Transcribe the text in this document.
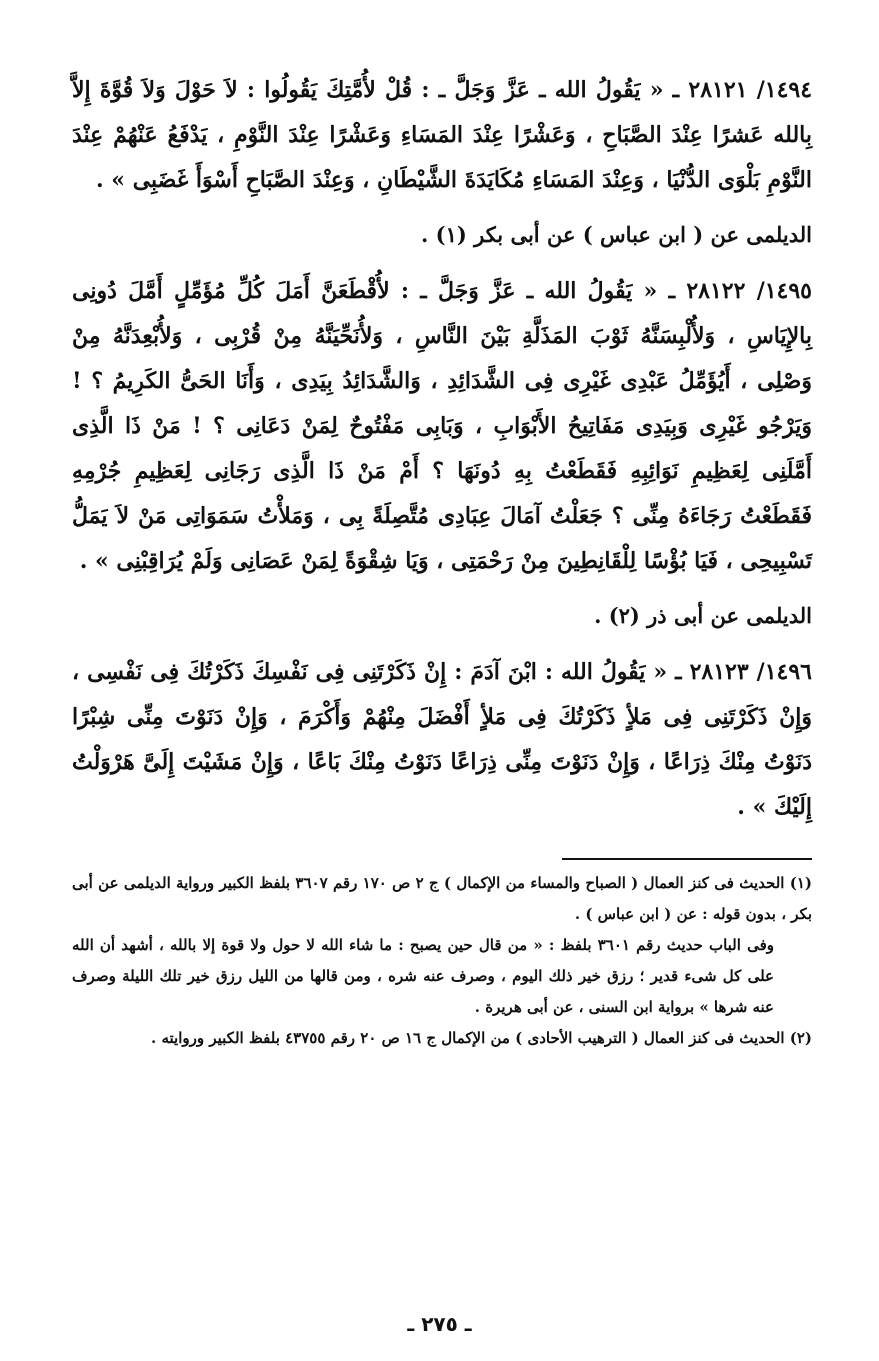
١٤٩٤/ ٢٨١٢١ ـ « يَقُولُ الله ـ عَزَّ وَجَلَّ ـ : قُلْ لأُمَّتِكَ يَقُولُوا : لاَ حَوْلَ وَلاَ قُوَّةَ إِلاَّ بِالله عَشرًا عِنْدَ الصَّبَاحِ ، وَعَشْرًا عِنْدَ المَسَاءِ وَعَشْرًا عِنْدَ النَّوْمِ ، يَدْفَعُ عَنْهُمْ عِنْدَ النَّوْمِ بَلْوَى الدُّنْيَا ، وَعِنْدَ المَسَاءِ مُكَايَدَةَ الشَّيْطَانِ ، وَعِنْدَ الصَّبَاحِ أَسْوَأَ غَضَبِى » .

الديلمى عن ( ابن عباس ) عن أبى بكر (١) .

١٤٩٥/ ٢٨١٢٢ ـ « يَقُولُ الله ـ عَزَّ وَجَلَّ ـ : لأُقْطَعَنَّ أَمَلَ كُلِّ مُؤَمِّلٍ أَمَّلَ دُونِى بِالإِيَاسِ ، وَلأُلْبِسَنَّهُ ثَوْبَ المَذَلَّةِ بَيْنَ النَّاسِ ، وَلأُنَحِّيَنَّهُ مِنْ قُرْبِى ، وَلأُبْعِدَنَّهُ مِنْ وَصْلِى ، أَيُؤَمِّلُ عَبْدِى غَيْرِى فِى الشَّدَائِدِ ، وَالشَّدَائِدُ بِيَدِى ، وَأَنَا الحَىُّ الكَرِيمُ ؟ ! وَيَرْجُو غَيْرِى وَبِيَدِى مَفَاتِيحُ الأَبْوَابِ ، وَبَابِى مَفْتُوحٌ لِمَنْ دَعَانِى ؟ ! مَنْ ذَا الَّذِى أَمَّلَنِى لِعَظِيمِ نَوَائِبِهِ فَقَطَعْتُ بِهِ دُونَهَا ؟ أَمْ مَنْ ذَا الَّذِى رَجَانِى لِعَظِيمِ جُرْمِهِ فَقَطَعْتُ رَجَاءَهُ مِنِّى ؟ جَعَلْتُ آمَالَ عِبَادِى مُتَّصِلَةً بِى ، وَمَلأْتُ سَمَوَاتِى مَنْ لاَ يَمَلُّ تَسْبِيحِى ، فَيَا بُؤْسًا لِلْقَانِطِينَ مِنْ رَحْمَتِى ، وَيَا شِقْوَةً لِمَنْ عَصَانِى وَلَمْ يُرَاقِبْنِى » .

الديلمى عن أبى ذر (٢) .

١٤٩٦/ ٢٨١٢٣ ـ « يَقُولُ الله : ابْنَ آدَمَ : إِنْ ذَكَرْتَنِى فِى نَفْسِكَ ذَكَرْتُكَ فِى نَفْسِى ، وَإِنْ ذَكَرْتَنِى فِى مَلأٍ ذَكَرْتُكَ فِى مَلأٍ أَفْضَلَ مِنْهُمْ وَأَكْرَمَ ، وَإِنْ دَنَوْتَ مِنِّى شِبْرًا دَنَوْتُ مِنْكَ ذِرَاعًا ، وَإِنْ دَنَوْتَ مِنِّى ذِرَاعًا دَنَوْتُ مِنْكَ بَاعًا ، وَإِنْ مَشَيْتَ إِلَىَّ هَرْوَلْتُ إِلَيْكَ » .

(١) الحديث فى كنز العمال ( الصباح والمساء من الإكمال ) ج ٢ ص ١٧٠ رقم ٣٦٠٧ بلفظ الكبير ورواية الديلمى عن أبى بكر ، بدون قوله : عن ( ابن عباس ) .

وفى الباب حديث رقم ٣٦٠١ بلفظ : « من قال حين يصبح : ما شاء الله لا حول ولا قوة إلا بالله ، أشهد أن الله على كل شىء قدير ؛ رزق خير ذلك اليوم ، وصرف عنه شره ، ومن قالها من الليل رزق خير تلك الليلة وصرف عنه شرها » برواية ابن السنى ، عن أبى هريرة .

(٢) الحديث فى كنز العمال ( الترهيب الأحادى ) من الإكمال ج ١٦ ص ٢٠ رقم ٤٣٧٥٥ بلفظ الكبير وروايته .

ـ ٢٧٥ ـ
